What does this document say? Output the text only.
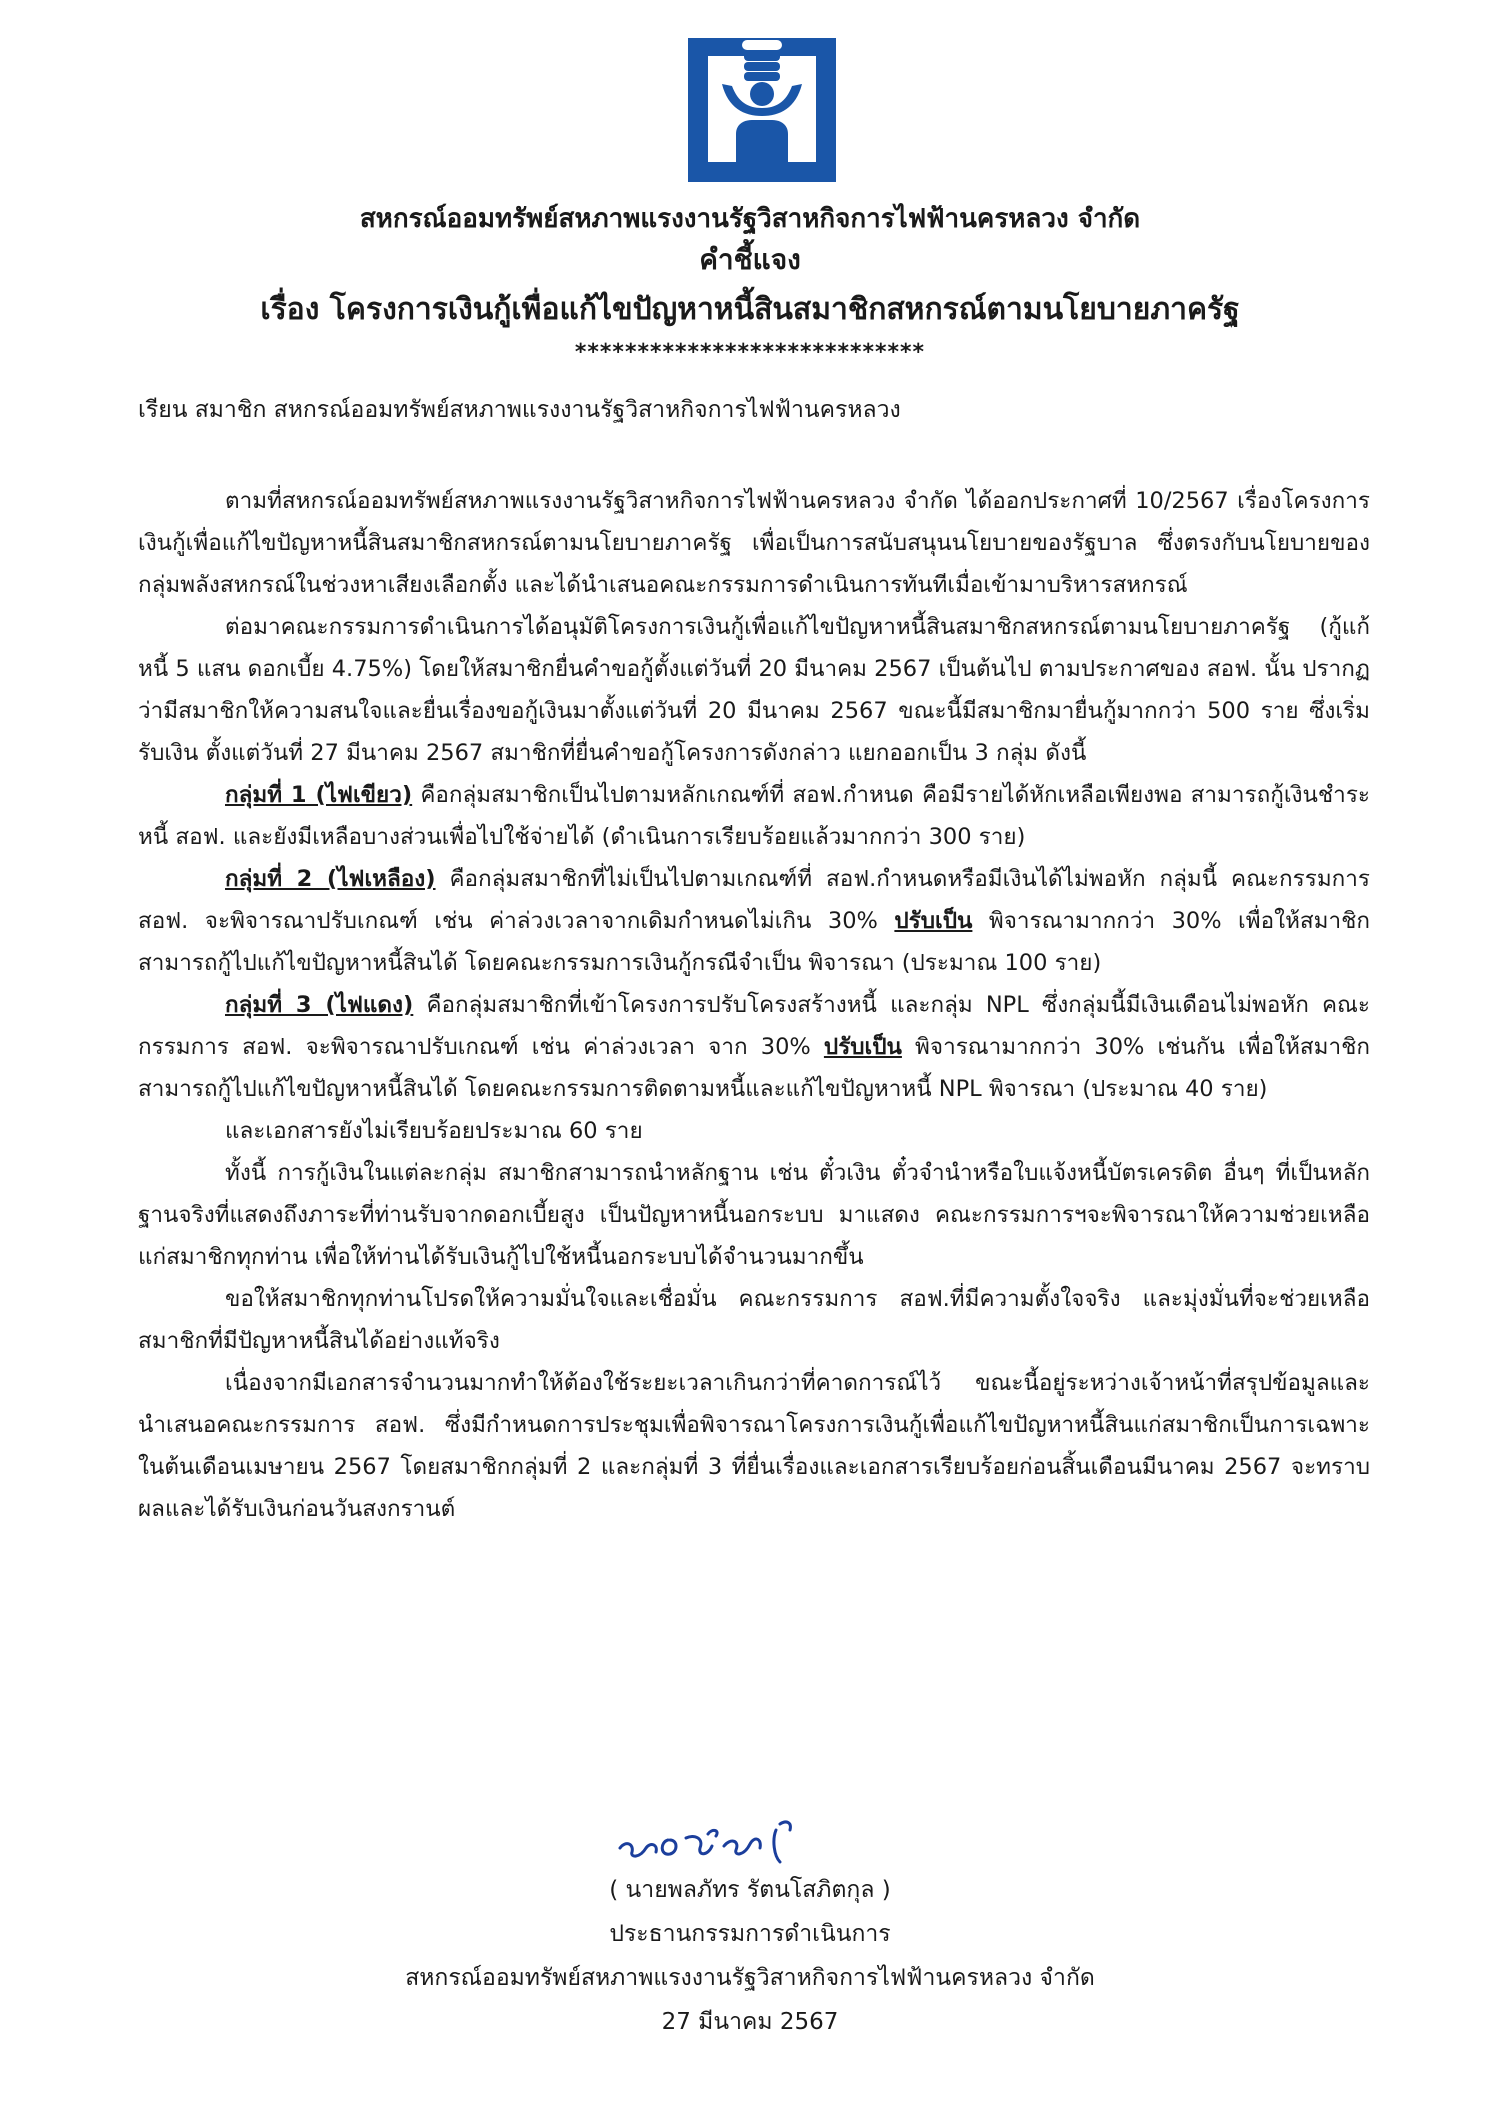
สหกรณ์ออมทรัพย์สหภาพแรงงานรัฐวิสาหกิจการไฟฟ้านครหลวง จำกัด
คำชี้แจง
เรื่อง โครงการเงินกู้เพื่อแก้ไขปัญหาหนี้สินสมาชิกสหกรณ์ตามนโยบายภาครัฐ
****************************
เรียน สมาชิก สหกรณ์ออมทรัพย์สหภาพแรงงานรัฐวิสาหกิจการไฟฟ้านครหลวง

ตามที่สหกรณ์ออมทรัพย์สหภาพแรงงานรัฐวิสาหกิจการไฟฟ้านครหลวง จำกัด ได้ออกประกาศที่ 10/2567 เรื่องโครงการเงินกู้เพื่อแก้ไขปัญหาหนี้สินสมาชิกสหกรณ์ตามนโยบายภาครัฐ เพื่อเป็นการสนับสนุนนโยบายของรัฐบาล ซึ่งตรงกับนโยบายของกลุ่มพลังสหกรณ์ในช่วงหาเสียงเลือกตั้ง และได้นำเสนอคณะกรรมการดำเนินการทันทีเมื่อเข้ามาบริหารสหกรณ์

ต่อมาคณะกรรมการดำเนินการได้อนุมัติโครงการเงินกู้เพื่อแก้ไขปัญหาหนี้สินสมาชิกสหกรณ์ตามนโยบายภาครัฐ (กู้แก้หนี้ 5 แสน ดอกเบี้ย 4.75%) โดยให้สมาชิกยื่นคำขอกู้ตั้งแต่วันที่ 20 มีนาคม 2567 เป็นต้นไป ตามประกาศของ สอฟ. นั้น ปรากฏว่ามีสมาชิกให้ความสนใจและยื่นเรื่องขอกู้เงินมาตั้งแต่วันที่ 20 มีนาคม 2567 ขณะนี้มีสมาชิกมายื่นกู้มากกว่า 500 ราย ซึ่งเริ่มรับเงิน ตั้งแต่วันที่ 27 มีนาคม 2567 สมาชิกที่ยื่นคำขอกู้โครงการดังกล่าว แยกออกเป็น 3 กลุ่ม ดังนี้

กลุ่มที่ 1 (ไฟเขียว) คือกลุ่มสมาชิกเป็นไปตามหลักเกณฑ์ที่ สอฟ.กำหนด คือมีรายได้หักเหลือเพียงพอ สามารถกู้เงินชำระหนี้ สอฟ. และยังมีเหลือบางส่วนเพื่อไปใช้จ่ายได้ (ดำเนินการเรียบร้อยแล้วมากกว่า 300 ราย)

กลุ่มที่ 2 (ไฟเหลือง) คือกลุ่มสมาชิกที่ไม่เป็นไปตามเกณฑ์ที่ สอฟ.กำหนดหรือมีเงินได้ไม่พอหัก กลุ่มนี้ คณะกรรมการ สอฟ. จะพิจารณาปรับเกณฑ์ เช่น ค่าล่วงเวลาจากเดิมกำหนดไม่เกิน 30% ปรับเป็น พิจารณามากกว่า 30% เพื่อให้สมาชิกสามารถกู้ไปแก้ไขปัญหาหนี้สินได้ โดยคณะกรรมการเงินกู้กรณีจำเป็น พิจารณา (ประมาณ 100 ราย)

กลุ่มที่ 3 (ไฟแดง) คือกลุ่มสมาชิกที่เข้าโครงการปรับโครงสร้างหนี้ และกลุ่ม NPL ซึ่งกลุ่มนี้มีเงินเดือนไม่พอหัก คณะกรรมการ สอฟ. จะพิจารณาปรับเกณฑ์ เช่น ค่าล่วงเวลา จาก 30% ปรับเป็น พิจารณามากกว่า 30% เช่นกัน เพื่อให้สมาชิกสามารถกู้ไปแก้ไขปัญหาหนี้สินได้ โดยคณะกรรมการติดตามหนี้และแก้ไขปัญหาหนี้ NPL พิจารณา (ประมาณ 40 ราย)

และเอกสารยังไม่เรียบร้อยประมาณ 60 ราย

ทั้งนี้ การกู้เงินในแต่ละกลุ่ม สมาชิกสามารถนำหลักฐาน เช่น ตั๋วเงิน ตั๋วจำนำหรือใบแจ้งหนี้บัตรเครดิต อื่นๆ ที่เป็นหลักฐานจริงที่แสดงถึงภาระที่ท่านรับจากดอกเบี้ยสูง เป็นปัญหาหนี้นอกระบบ มาแสดง คณะกรรมการฯจะพิจารณาให้ความช่วยเหลือแก่สมาชิกทุกท่าน เพื่อให้ท่านได้รับเงินกู้ไปใช้หนี้นอกระบบได้จำนวนมากขึ้น

ขอให้สมาชิกทุกท่านโปรดให้ความมั่นใจและเชื่อมั่น คณะกรรมการ สอฟ.ที่มีความตั้งใจจริง และมุ่งมั่นที่จะช่วยเหลือสมาชิกที่มีปัญหาหนี้สินได้อย่างแท้จริง

เนื่องจากมีเอกสารจำนวนมากทำให้ต้องใช้ระยะเวลาเกินกว่าที่คาดการณ์ไว้ ขณะนี้อยู่ระหว่างเจ้าหน้าที่สรุปข้อมูลและนำเสนอคณะกรรมการ สอฟ. ซึ่งมีกำหนดการประชุมเพื่อพิจารณาโครงการเงินกู้เพื่อแก้ไขปัญหาหนี้สินแก่สมาชิกเป็นการเฉพาะในต้นเดือนเมษายน 2567 โดยสมาชิกกลุ่มที่ 2 และกลุ่มที่ 3 ที่ยื่นเรื่องและเอกสารเรียบร้อยก่อนสิ้นเดือนมีนาคม 2567 จะทราบผลและได้รับเงินก่อนวันสงกรานต์

( นายพลภัทร รัตนโสภิตกุล )
ประธานกรรมการดำเนินการ
สหกรณ์ออมทรัพย์สหภาพแรงงานรัฐวิสาหกิจการไฟฟ้านครหลวง จำกัด
27 มีนาคม 2567
